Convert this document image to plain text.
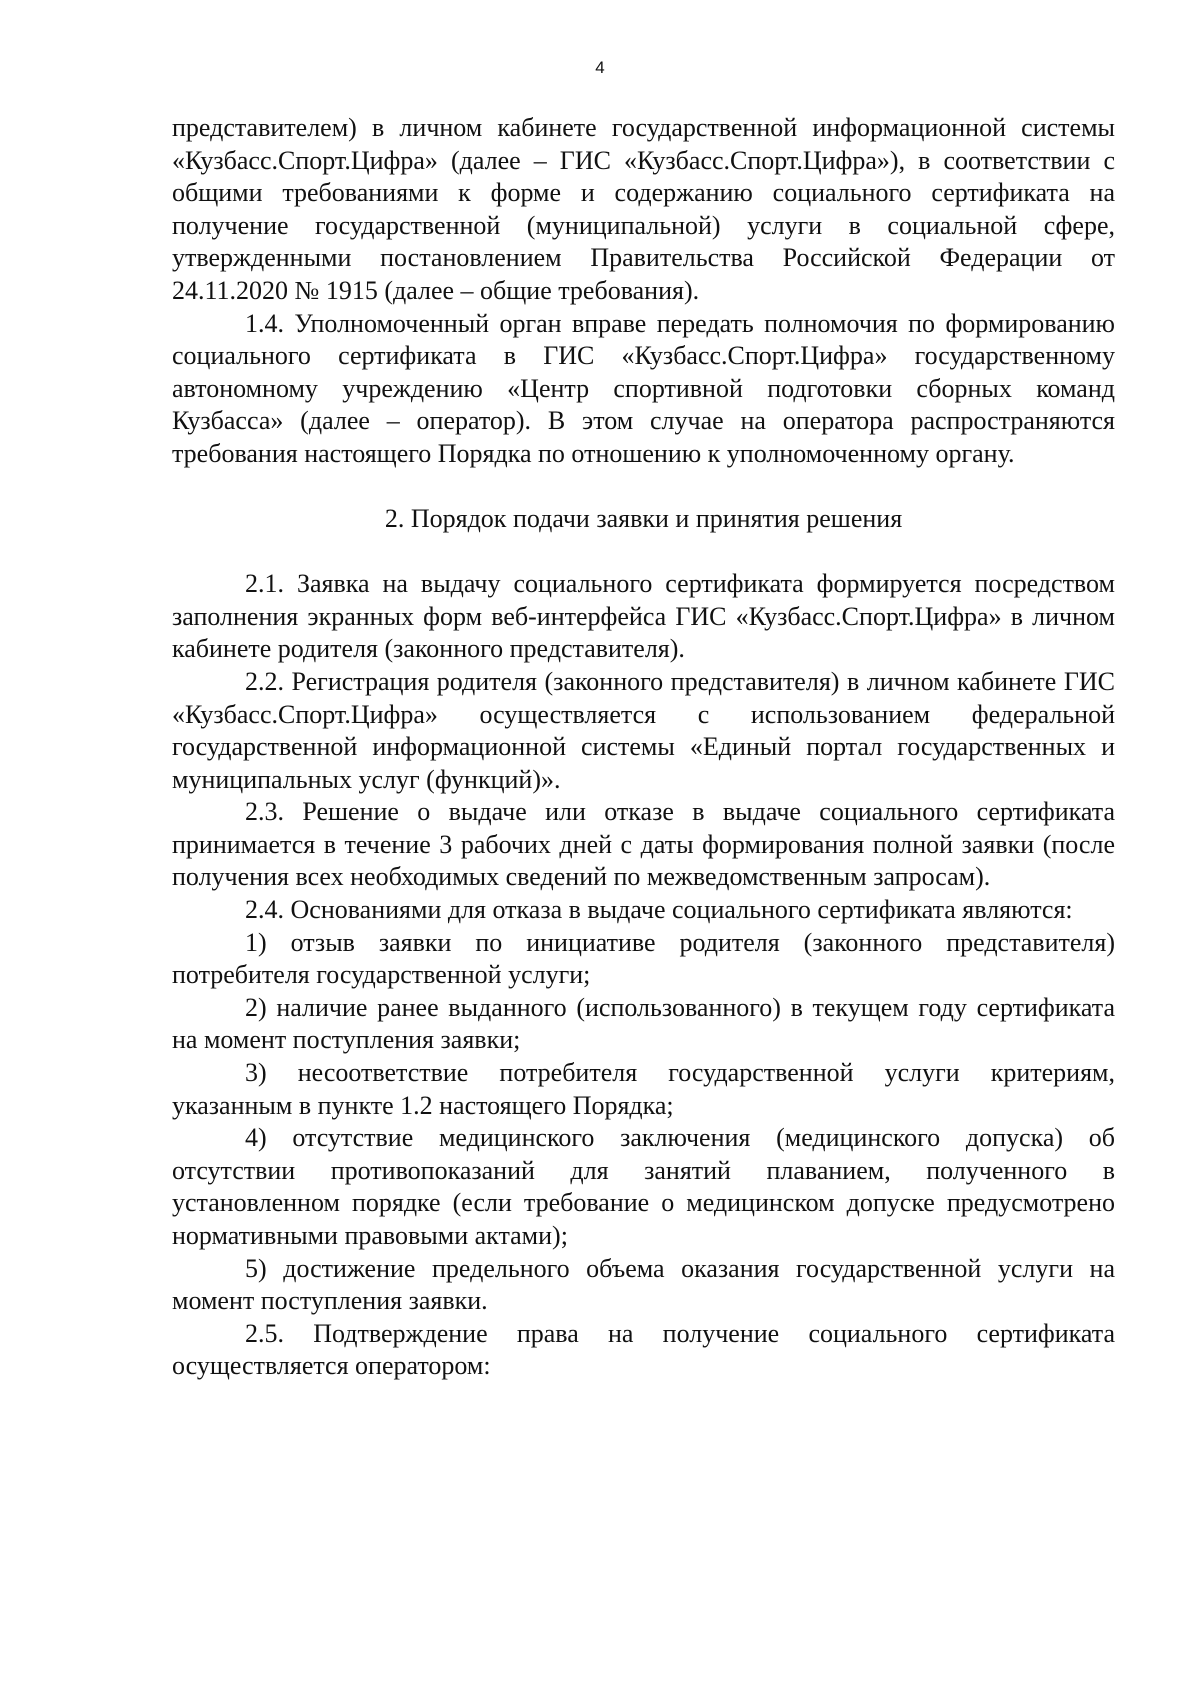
4

представителем) в личном кабинете государственной информационной системы «Кузбасс.Спорт.Цифра» (далее – ГИС «Кузбасс.Спорт.Цифра»), в соответствии с общими требованиями к форме и содержанию социального сертификата на получение государственной (муниципальной) услуги в социальной сфере, утвержденными постановлением Правительства Российской Федерации от 24.11.2020 № 1915 (далее – общие требования).

1.4. Уполномоченный орган вправе передать полномочия по формированию социального сертификата в ГИС «Кузбасс.Спорт.Цифра» государственному автономному учреждению «Центр спортивной подготовки сборных команд Кузбасса» (далее – оператор). В этом случае на оператора распространяются требования настоящего Порядка по отношению к уполномоченному органу.

2. Порядок подачи заявки и принятия решения

2.1. Заявка на выдачу социального сертификата формируется посредством заполнения экранных форм веб-интерфейса ГИС «Кузбасс.Спорт.Цифра» в личном кабинете родителя (законного представителя).

2.2. Регистрация родителя (законного представителя) в личном кабинете ГИС «Кузбасс.Спорт.Цифра» осуществляется с использованием федеральной государственной информационной системы «Единый портал государственных и муниципальных услуг (функций)».

2.3. Решение о выдаче или отказе в выдаче социального сертификата принимается в течение 3 рабочих дней с даты формирования полной заявки (после получения всех необходимых сведений по межведомственным запросам).

2.4. Основаниями для отказа в выдаче социального сертификата являются:

1) отзыв заявки по инициативе родителя (законного представителя) потребителя государственной услуги;

2) наличие ранее выданного (использованного) в текущем году сертификата на момент поступления заявки;

3) несоответствие потребителя государственной услуги критериям, указанным в пункте 1.2 настоящего Порядка;

4) отсутствие медицинского заключения (медицинского допуска) об отсутствии противопоказаний для занятий плаванием, полученного в установленном порядке (если требование о медицинском допуске предусмотрено нормативными правовыми актами);

5) достижение предельного объема оказания государственной услуги на момент поступления заявки.

2.5. Подтверждение права на получение социального сертификата осуществляется оператором:
